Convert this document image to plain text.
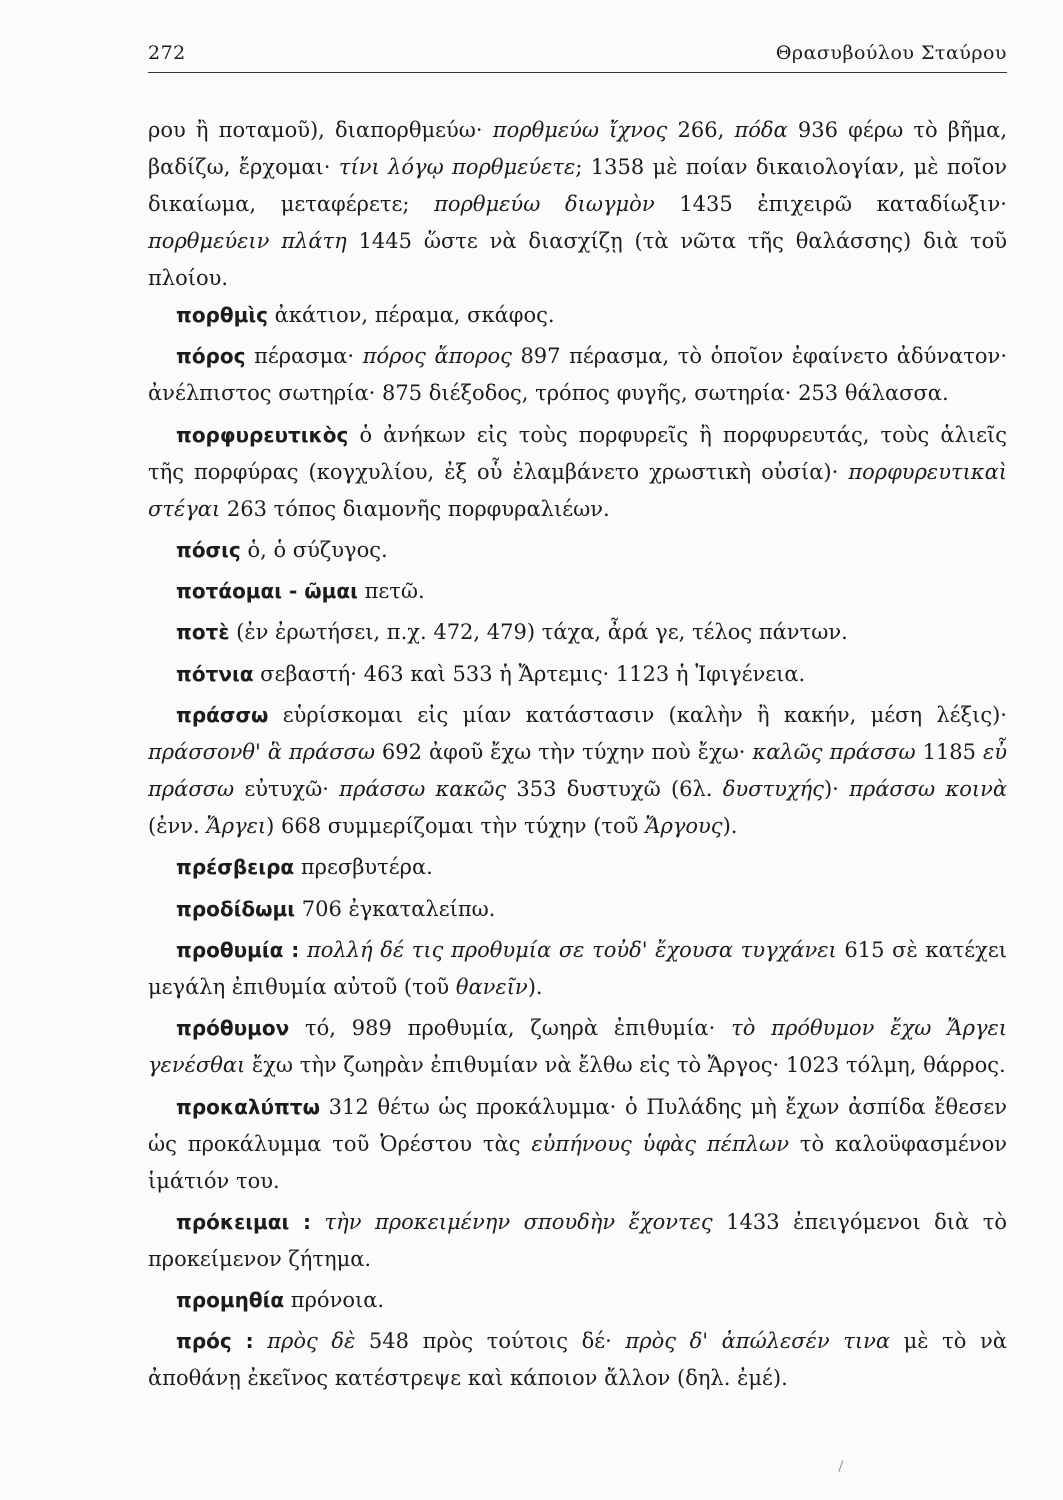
272	Θρασυβούλου Σταύρου

ρου ἢ ποταμοῦ), διαπορθμεύω· πορθμεύω ἴχνος 266, πόδα 936 φέρω τὸ βῆμα, βαδίζω, ἔρχομαι· τίνι λόγῳ πορθμεύετε; 1358 μὲ ποίαν δικαιολογίαν, μὲ ποῖον δικαίωμα, μεταφέρετε; πορθμεύω διωγμὸν 1435 ἐπιχειρῶ καταδίωξιν· πορθμεύειν πλάτη 1445 ὥστε νὰ διασχίζῃ (τὰ νῶτα τῆς θαλάσσης) διὰ τοῦ πλοίου.

πορθμὶς ἀκάτιον, πέραμα, σκάφος.

πόρος πέρασμα· πόρος ἄπορος 897 πέρασμα, τὸ ὁποῖον ἐφαίνετο ἀδύνατον· ἀνέλπιστος σωτηρία· 875 διέξοδος, τρόπος φυγῆς, σωτηρία· 253 θάλασσα.

πορφυρευτικὸς ὁ ἀνήκων εἰς τοὺς πορφυρεῖς ἢ πορφυρευτάς, τοὺς ἁλιεῖς τῆς πορφύρας (κογχυλίου, ἐξ οὗ ἐλαμβάνετο χρωστικὴ οὐσία)· πορφυρευτικαὶ στέγαι 263 τόπος διαμονῆς πορφυραλιέων.

πόσις ὁ, ὁ σύζυγος.

ποτάομαι - ῶμαι πετῶ.

ποτὲ (ἐν ἐρωτήσει, π.χ. 472, 479) τάχα, ἆρά γε, τέλος πάντων.

πότνια σεβαστή· 463 καὶ 533 ἡ Ἄρτεμις· 1123 ἡ Ἰφιγένεια.

πράσσω εὑρίσκομαι εἰς μίαν κατάστασιν (καλὴν ἢ κακήν, μέση λέξις)· πράσσονθ' ἃ πράσσω 692 ἀφοῦ ἔχω τὴν τύχην ποὺ ἔχω· καλῶς πράσσω 1185 εὖ πράσσω εὐτυχῶ· πράσσω κακῶς 353 δυστυχῶ (6λ. δυστυχής)· πράσσω κοινὰ (ἐνν. Ἄργει) 668 συμμερίζομαι τὴν τύχην (τοῦ Ἄργους).

πρέσβειρα πρεσβυτέρα.

προδίδωμι 706 ἐγκαταλείπω.

προθυμία : πολλή δέ τις προθυμία σε τοὐδ' ἔχουσα τυγχάνει 615 σὲ κατέχει μεγάλη ἐπιθυμία αὐτοῦ (τοῦ θανεῖν).

πρόθυμον τό, 989 προθυμία, ζωηρὰ ἐπιθυμία· τὸ πρόθυμον ἔχω Ἄργει γενέσθαι ἔχω τὴν ζωηρὰν ἐπιθυμίαν νὰ ἔλθω εἰς τὸ Ἄργος· 1023 τόλμη, θάρρος.

προκαλύπτω 312 θέτω ὡς προκάλυμμα· ὁ Πυλάδης μὴ ἔχων ἀσπίδα ἔθεσεν ὡς προκάλυμμα τοῦ Ὀρέστου τὰς εὐπήνους ὑφὰς πέπλων τὸ καλοϋφασμένον ἱμάτιόν του.

πρόκειμαι : τὴν προκειμένην σπουδὴν ἔχοντες 1433 ἐπειγόμενοι διὰ τὸ προκείμενον ζήτημα.

προμηθία πρόνοια.

πρός : πρὸς δὲ 548 πρὸς τούτοις δέ· πρὸς δ' ἀπώλεσέν τινα μὲ τὸ νὰ ἀποθάνῃ ἐκεῖνος κατέστρεψε καὶ κάποιον ἄλλον (δηλ. ἐμέ).
